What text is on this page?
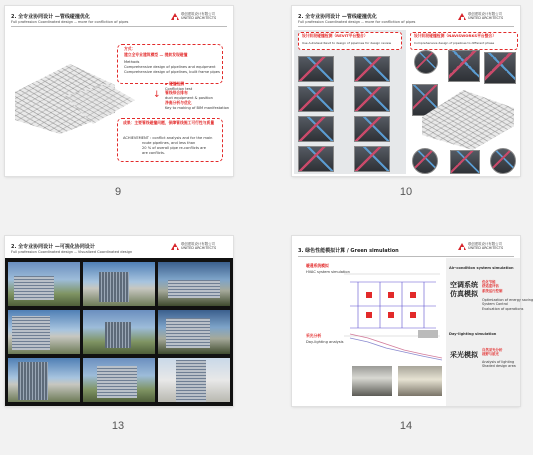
2. 全专业协同设计 —管线碰撞优化
Full profession Coordinated design -- more for confliction of pipes
联创建筑设计有限公司
UNITED ARCHITECTS
方式：
建立全专业建筑模型 — 提前发现碰撞
Methods
Comprehensive design of pipelines and equipment
Comprehensive design of pipelines, built frame pipes
↓
碰撞检测
Confliction test
管线综合排布
duct equipment & position
净高分析与优化
Key to making of BIM manifestation
成果：主要管线碰撞问题，保障管线施工可行性与质量
ACHIEVEMENT : conflict analysis and for the main
route pipelines, and less than
20 % of overall pipe re-conflicts are
are conflicts.
9
2. 全专业协同设计 —管线碰撞优化
Full profession Coordinated design -- more for confliction of pipes
联创建筑设计有限公司
UNITED ARCHITECTS
设计阶段碰撞检测（REVIT平台整合）
Use Autodesk Revit to design of pipelines for design review
设计阶段碰撞检测（NAVISWORKS平台整合）
Comprehensive design of pipelines to different phase
10
2. 全专业协同设计 —可视化协同设计
Full profession Coordinated design -- Visualized Coordinated design
联创建筑设计有限公司
UNITED ARCHITECTS
13
3. 绿色性能模拟计算 / Green simulation
联创建筑设计有限公司
UNITED ARCHITECTS
暖通系统模拟
HVAC system simulation
采光分析
Day-lighting analysis
Air-condition system simulation
空调系统
仿真模拟
优化节能
舒适度评估
系统运行控制
Optimization of energy saving
System Control
Evaluation of operations
Day-lighting simulation
采光模拟
自然采光分析
视野与眩光
Analysis of lighting
Shaded design area
14
